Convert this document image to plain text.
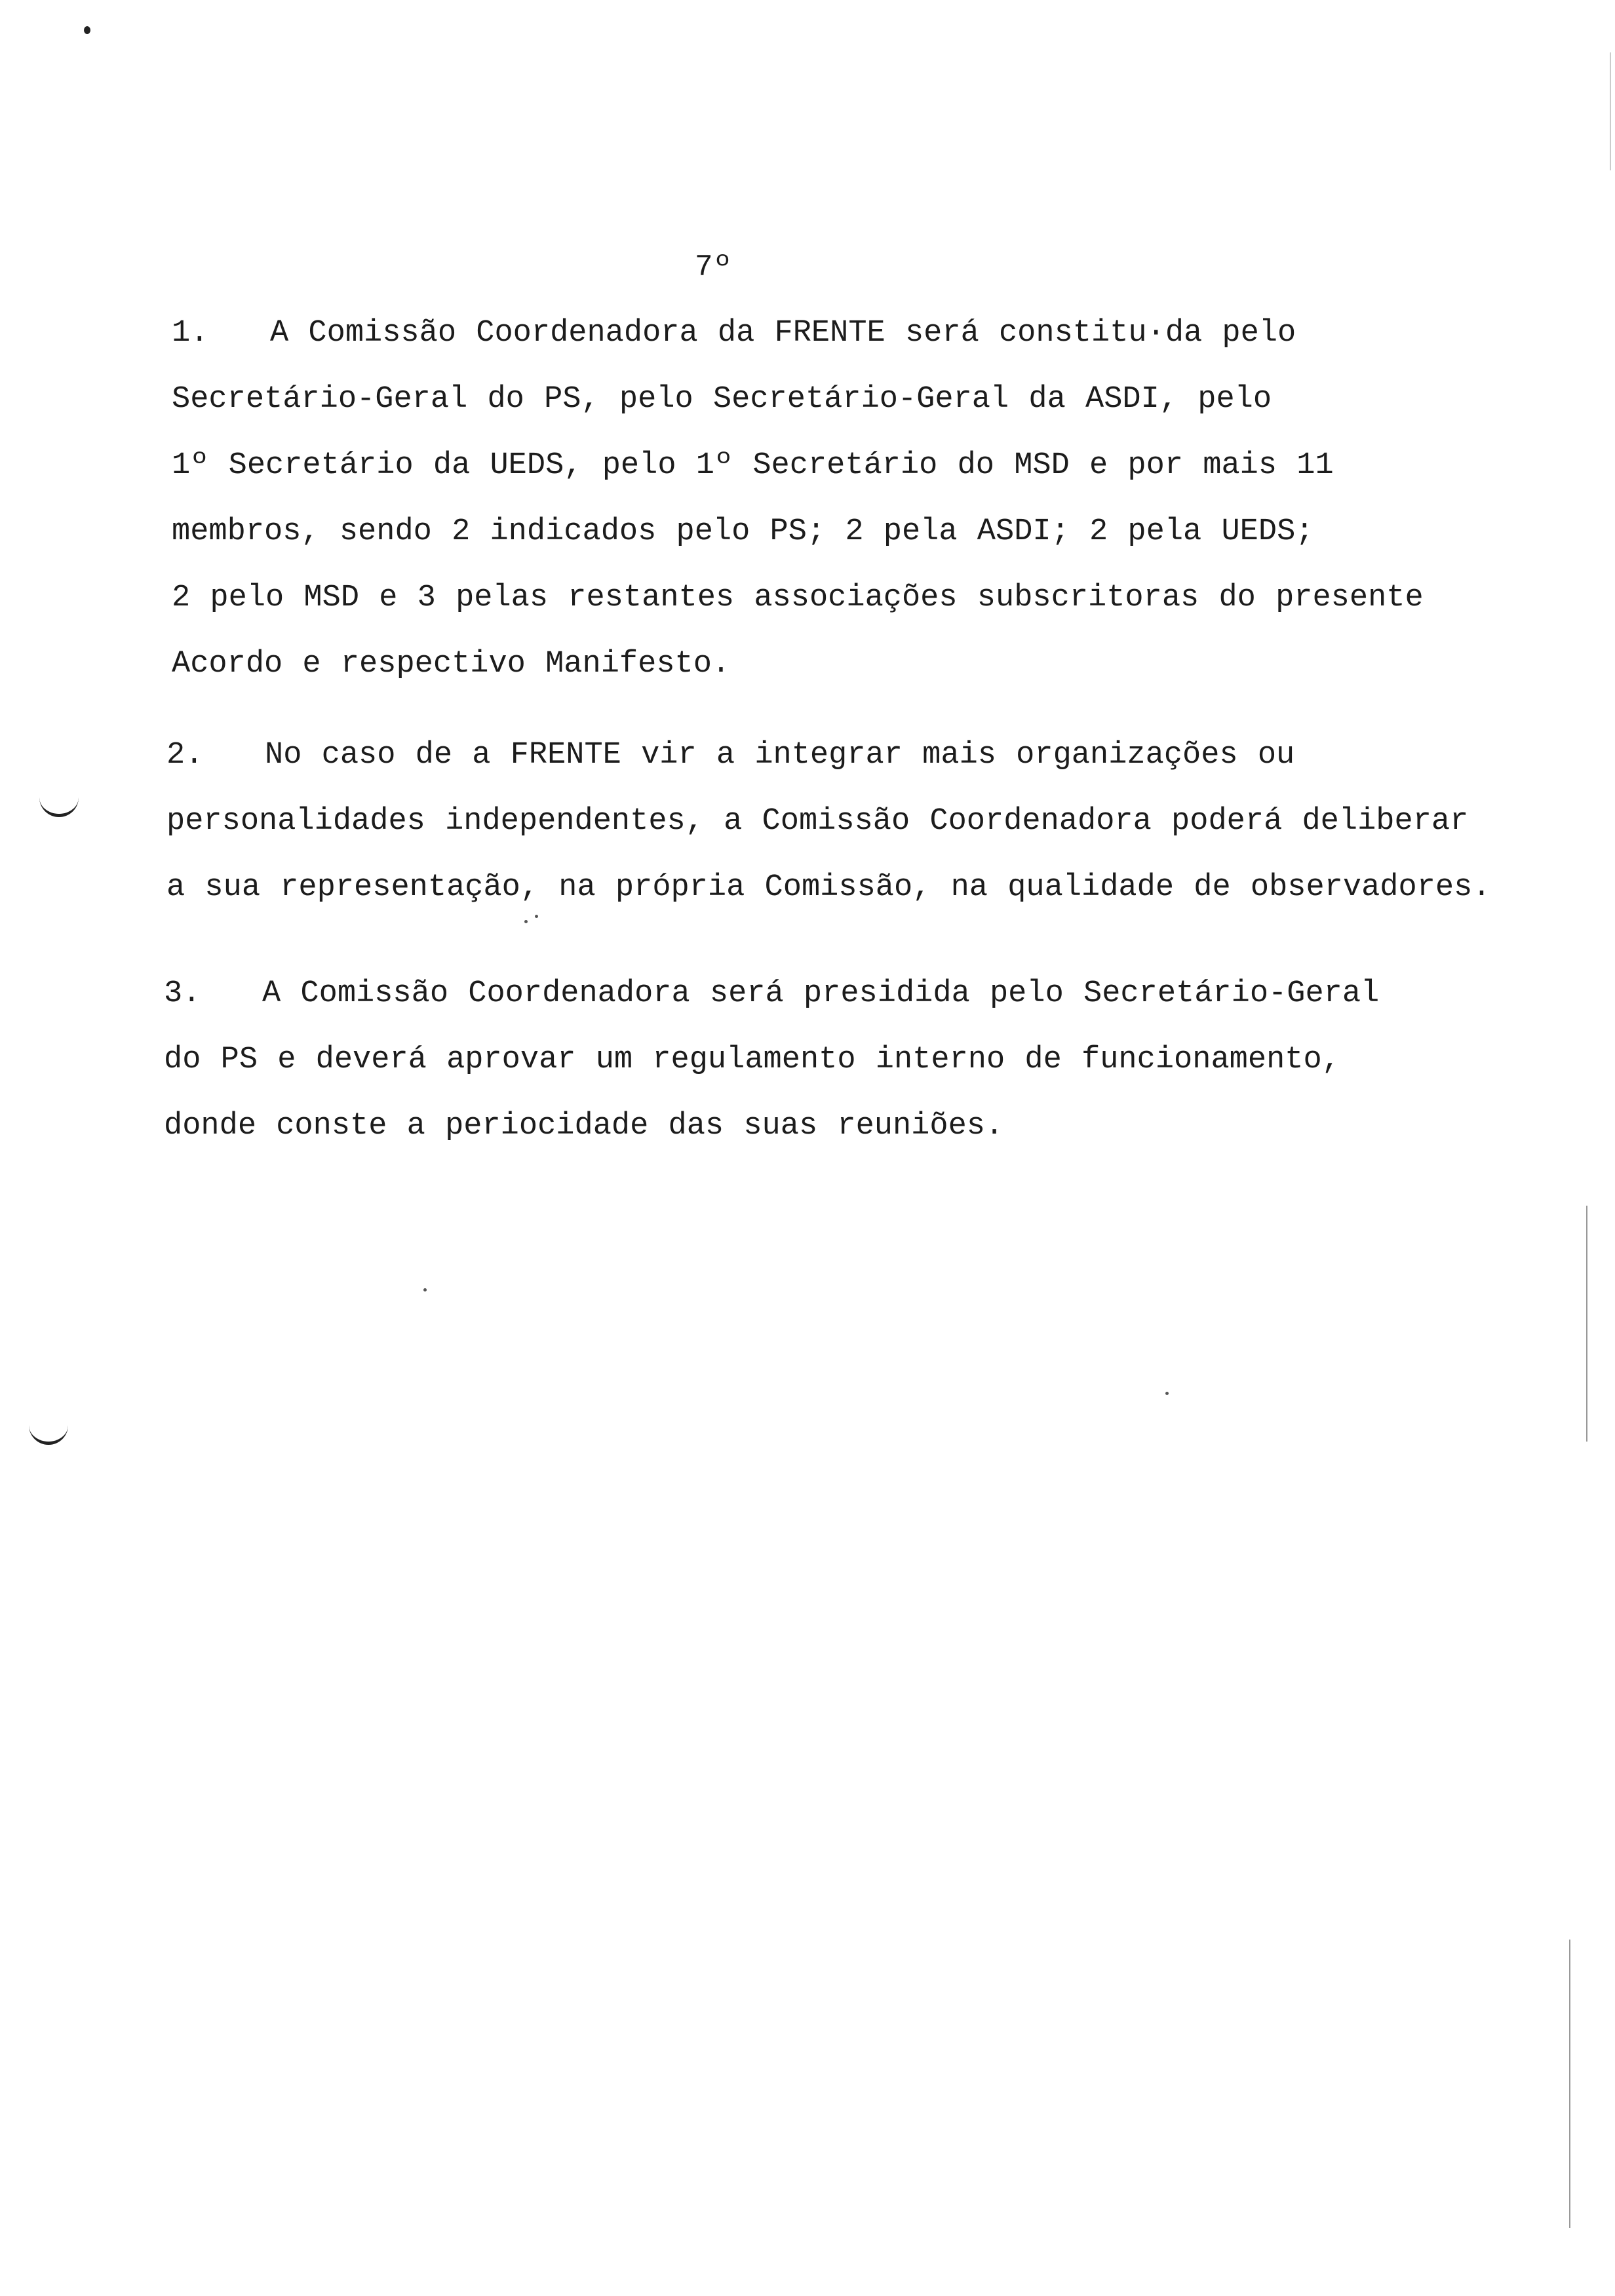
7º
1. A Comissão Coordenadora da FRENTE será constitu·da pelo
Secretário-Geral do PS, pelo Secretário-Geral da ASDI, pelo
1º Secretário da UEDS, pelo 1º Secretário do MSD e por mais 11
membros, sendo 2 indicados pelo PS; 2 pela ASDI; 2 pela UEDS;
2 pelo MSD e 3 pelas restantes associações subscritoras do presente
Acordo e respectivo Manifesto.
2. No caso de a FRENTE vir a integrar mais organizações ou
personalidades independentes, a Comissão Coordenadora poderá deliberar
a sua representação, na própria Comissão, na qualidade de observadores.
3. A Comissão Coordenadora será presidida pelo Secretário-Geral
do PS e deverá aprovar um regulamento interno de funcionamento,
donde conste a periocidade das suas reuniões.
